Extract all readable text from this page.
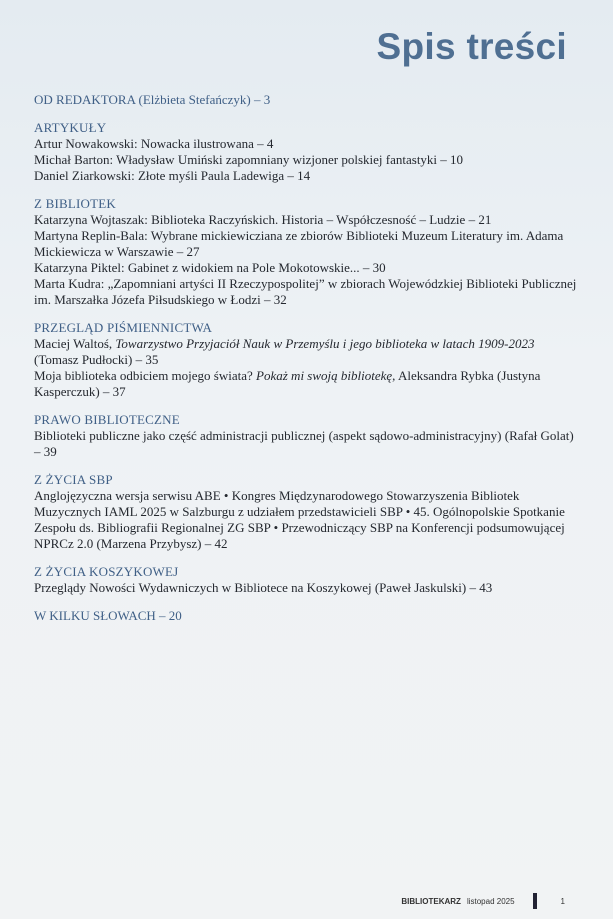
Spis treści
OD REDAKTORA (Elżbieta Stefańczyk) – 3
ARTYKUŁY
Artur Nowakowski: Nowacka ilustrowana – 4
Michał Barton: Władysław Umiński zapomniany wizjoner polskiej fantastyki – 10
Daniel Ziarkowski: Złote myśli Paula Ladewiga – 14
Z BIBLIOTEK
Katarzyna Wojtaszak: Biblioteka Raczyńskich. Historia – Współczesność – Ludzie – 21
Martyna Replin-Bala: Wybrane mickiewicziana ze zbiorów Biblioteki Muzeum Literatury im. Adama Mickiewicza w Warszawie – 27
Katarzyna Piktel: Gabinet z widokiem na Pole Mokotowskie... – 30
Marta Kudra: „Zapomniani artyści II Rzeczypospolitej” w zbiorach Wojewódzkiej Biblioteki Publicznej im. Marszałka Józefa Piłsudskiego w Łodzi – 32
PRZEGLĄD PIŚMIENNICTWA
Maciej Waltoś, Towarzystwo Przyjaciół Nauk w Przemyślu i jego biblioteka w latach 1909-2023 (Tomasz Pudłocki) – 35
Moja biblioteka odbiciem mojego świata? Pokaż mi swoją bibliotekę, Aleksandra Rybka (Justyna Kasperczuk) – 37
PRAWO BIBLIOTECZNE
Biblioteki publiczne jako część administracji publicznej (aspekt sądowo-administracyjny) (Rafał Golat) – 39
Z ŻYCIA SBP
Anglojęzyczna wersja serwisu ABE • Kongres Międzynarodowego Stowarzyszenia Bibliotek Muzycznych IAML 2025 w Salzburgu z udziałem przedstawicieli SBP • 45. Ogólnopolskie Spotkanie Zespołu ds. Bibliografii Regionalnej ZG SBP • Przewodniczący SBP na Konferencji podsumowującej NPRCz 2.0 (Marzena Przybysz) – 42
Z ŻYCIA KOSZYKOWEJ
Przeglądy Nowości Wydawniczych w Bibliotece na Koszykowej (Paweł Jaskulski) – 43
W KILKU SŁOWACH – 20
BIBLIOTEKARZ listopad 2025	1
